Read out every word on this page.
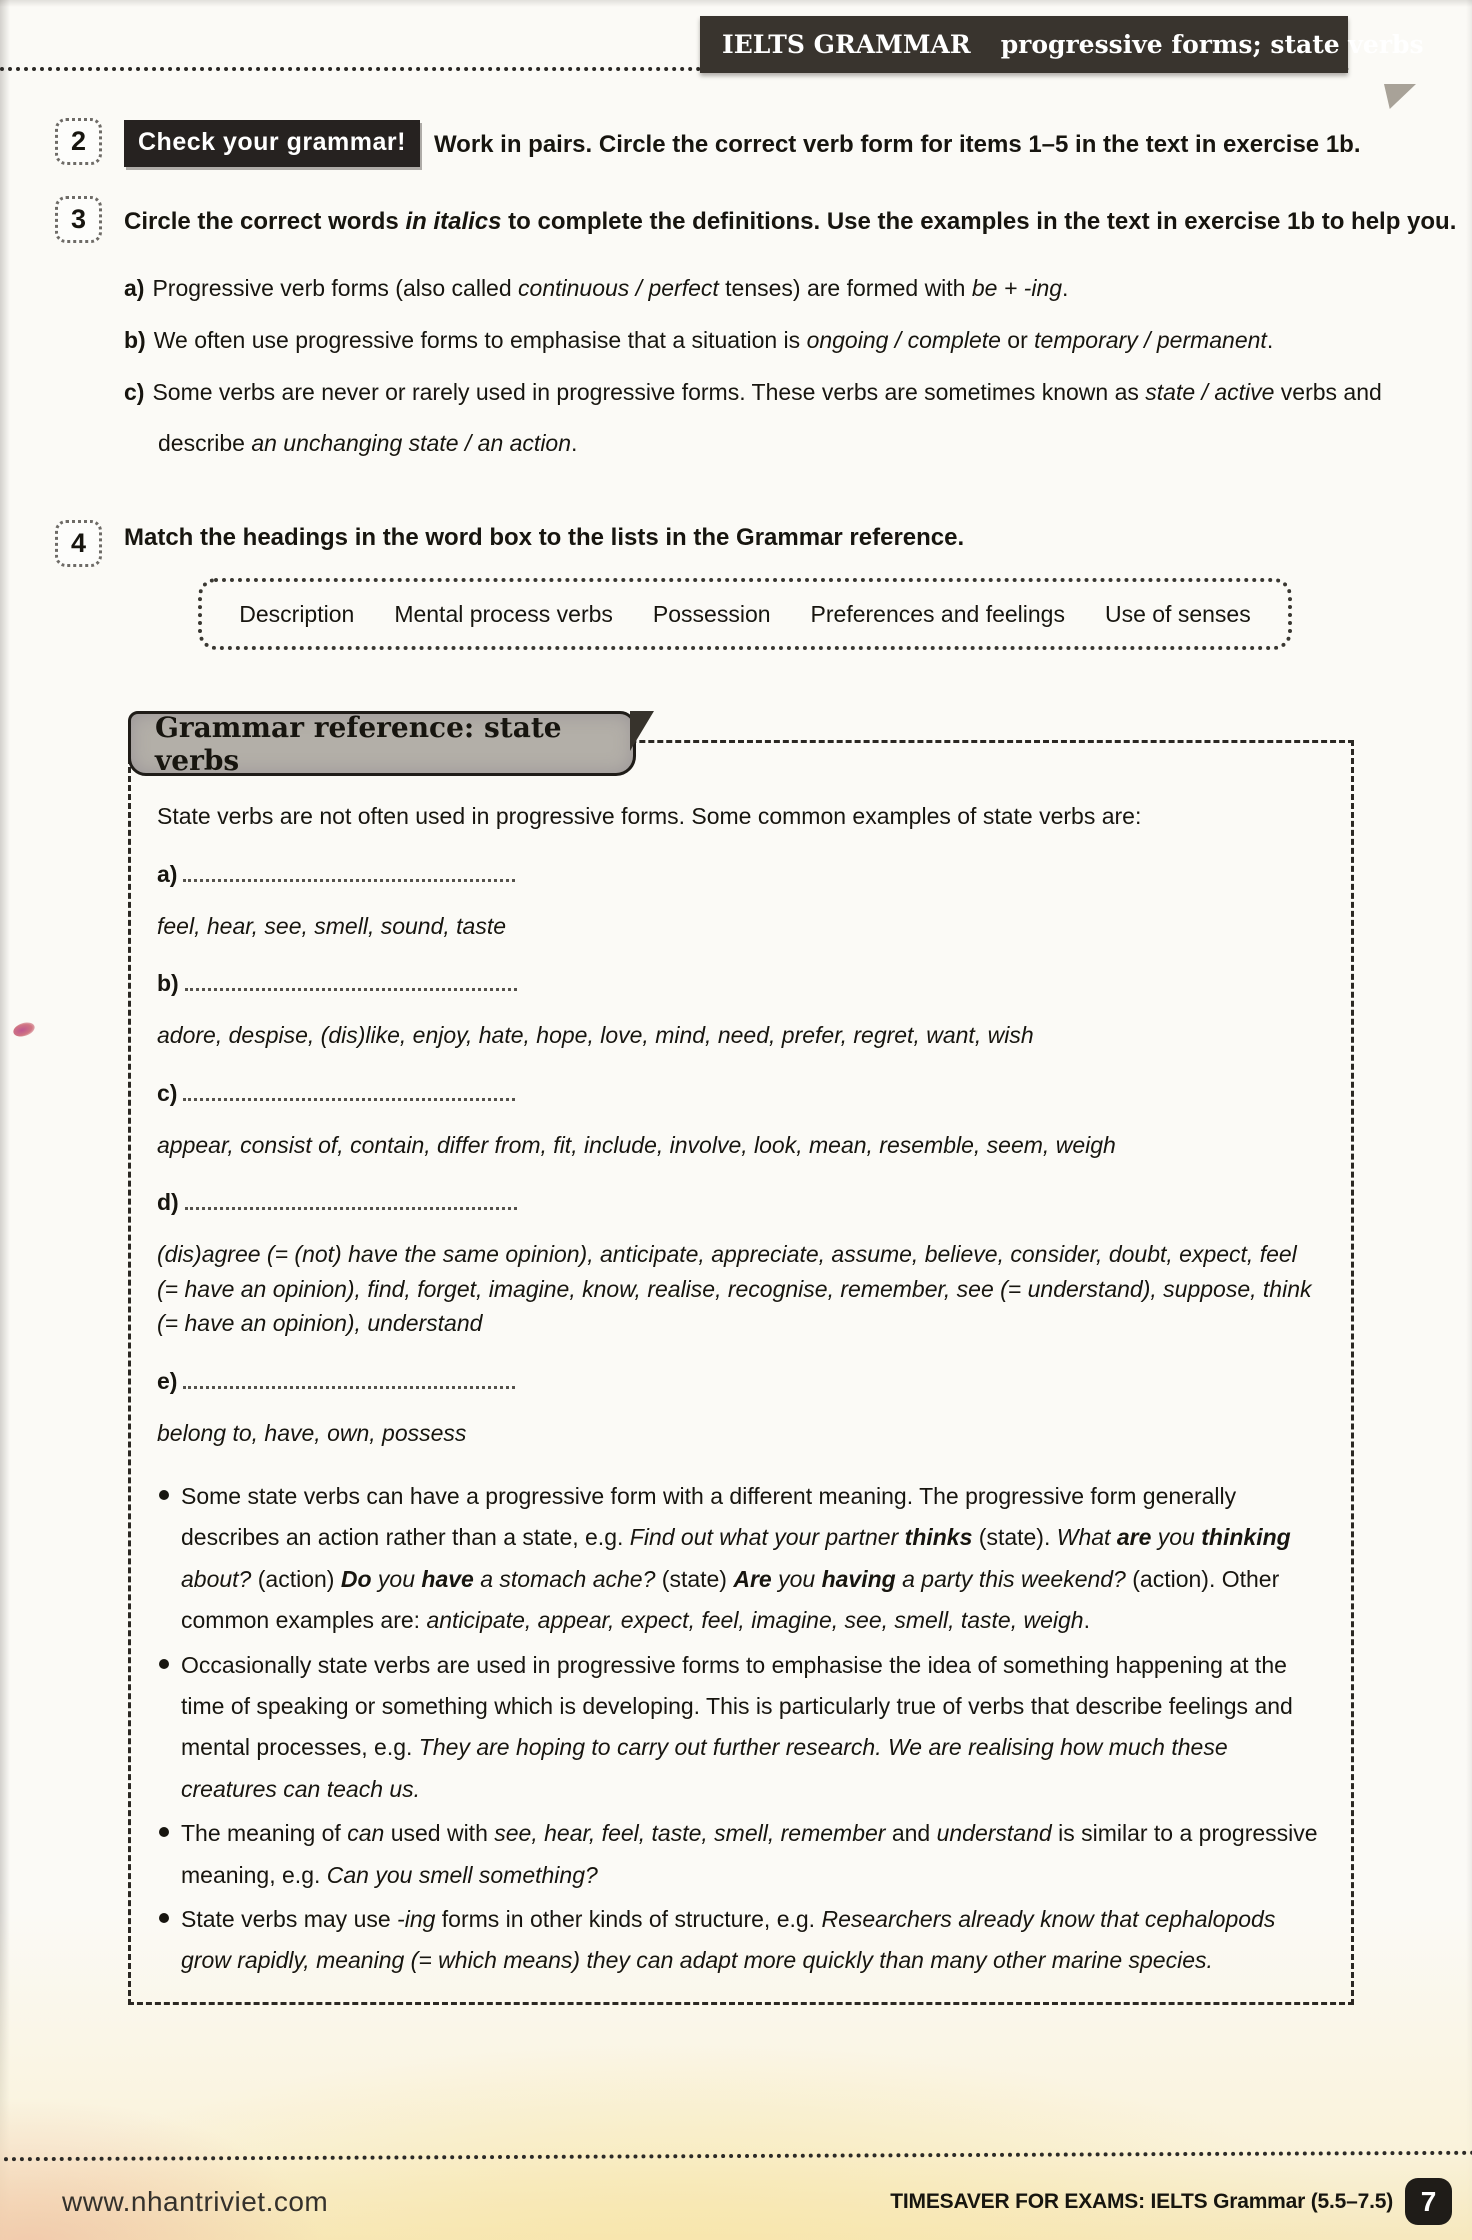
IELTS GRAMMAR progressive forms; state verbs
2	Check your grammar! Work in pairs. Circle the correct verb form for items 1–5 in the text in exercise 1b.
3	Circle the correct words in italics to complete the definitions. Use the examples in the text in exercise 1b to help you.

a) Progressive verb forms (also called continuous / perfect tenses) are formed with be + -ing.

b) We often use progressive forms to emphasise that a situation is ongoing / complete or temporary / permanent.

c) Some verbs are never or rarely used in progressive forms. These verbs are sometimes known as state / active verbs and describe an unchanging state / an action.

4	Match the headings in the word box to the lists in the Grammar reference.

Description Mental process verbs Possession Preferences and feelings Use of senses
Grammar reference: state verbs

State verbs are not often used in progressive forms. Some common examples of state verbs are:

a)

feel, hear, see, smell, sound, taste

b)

adore, despise, (dis)like, enjoy, hate, hope, love, mind, need, prefer, regret, want, wish

c)

appear, consist of, contain, differ from, fit, include, involve, look, mean, resemble, seem, weigh

d)

(dis)agree (= (not) have the same opinion), anticipate, appreciate, assume, believe, consider, doubt, expect, feel (= have an opinion), find, forget, imagine, know, realise, recognise, remember, see (= understand), suppose, think (= have an opinion), understand

e)

belong to, have, own, possess

Some state verbs can have a progressive form with a different meaning. The progressive form generally describes an action rather than a state, e.g. Find out what your partner thinks (state). What are you thinking about? (action) Do you have a stomach ache? (state) Are you having a party this weekend? (action). Other common examples are: anticipate, appear, expect, feel, imagine, see, smell, taste, weigh.
Occasionally state verbs are used in progressive forms to emphasise the idea of something happening at the time of speaking or something which is developing. This is particularly true of verbs that describe feelings and mental processes, e.g. They are hoping to carry out further research. We are realising how much these creatures can teach us.
The meaning of can used with see, hear, feel, taste, smell, remember and understand is similar to a progressive meaning, e.g. Can you smell something?
State verbs may use -ing forms in other kinds of structure, e.g. Researchers already know that cephalopods grow rapidly, meaning (= which means) they can adapt more quickly than many other marine species.
www.nhantriviet.com	TIMESAVER FOR EXAMS: IELTS Grammar (5.5–7.5) 7
